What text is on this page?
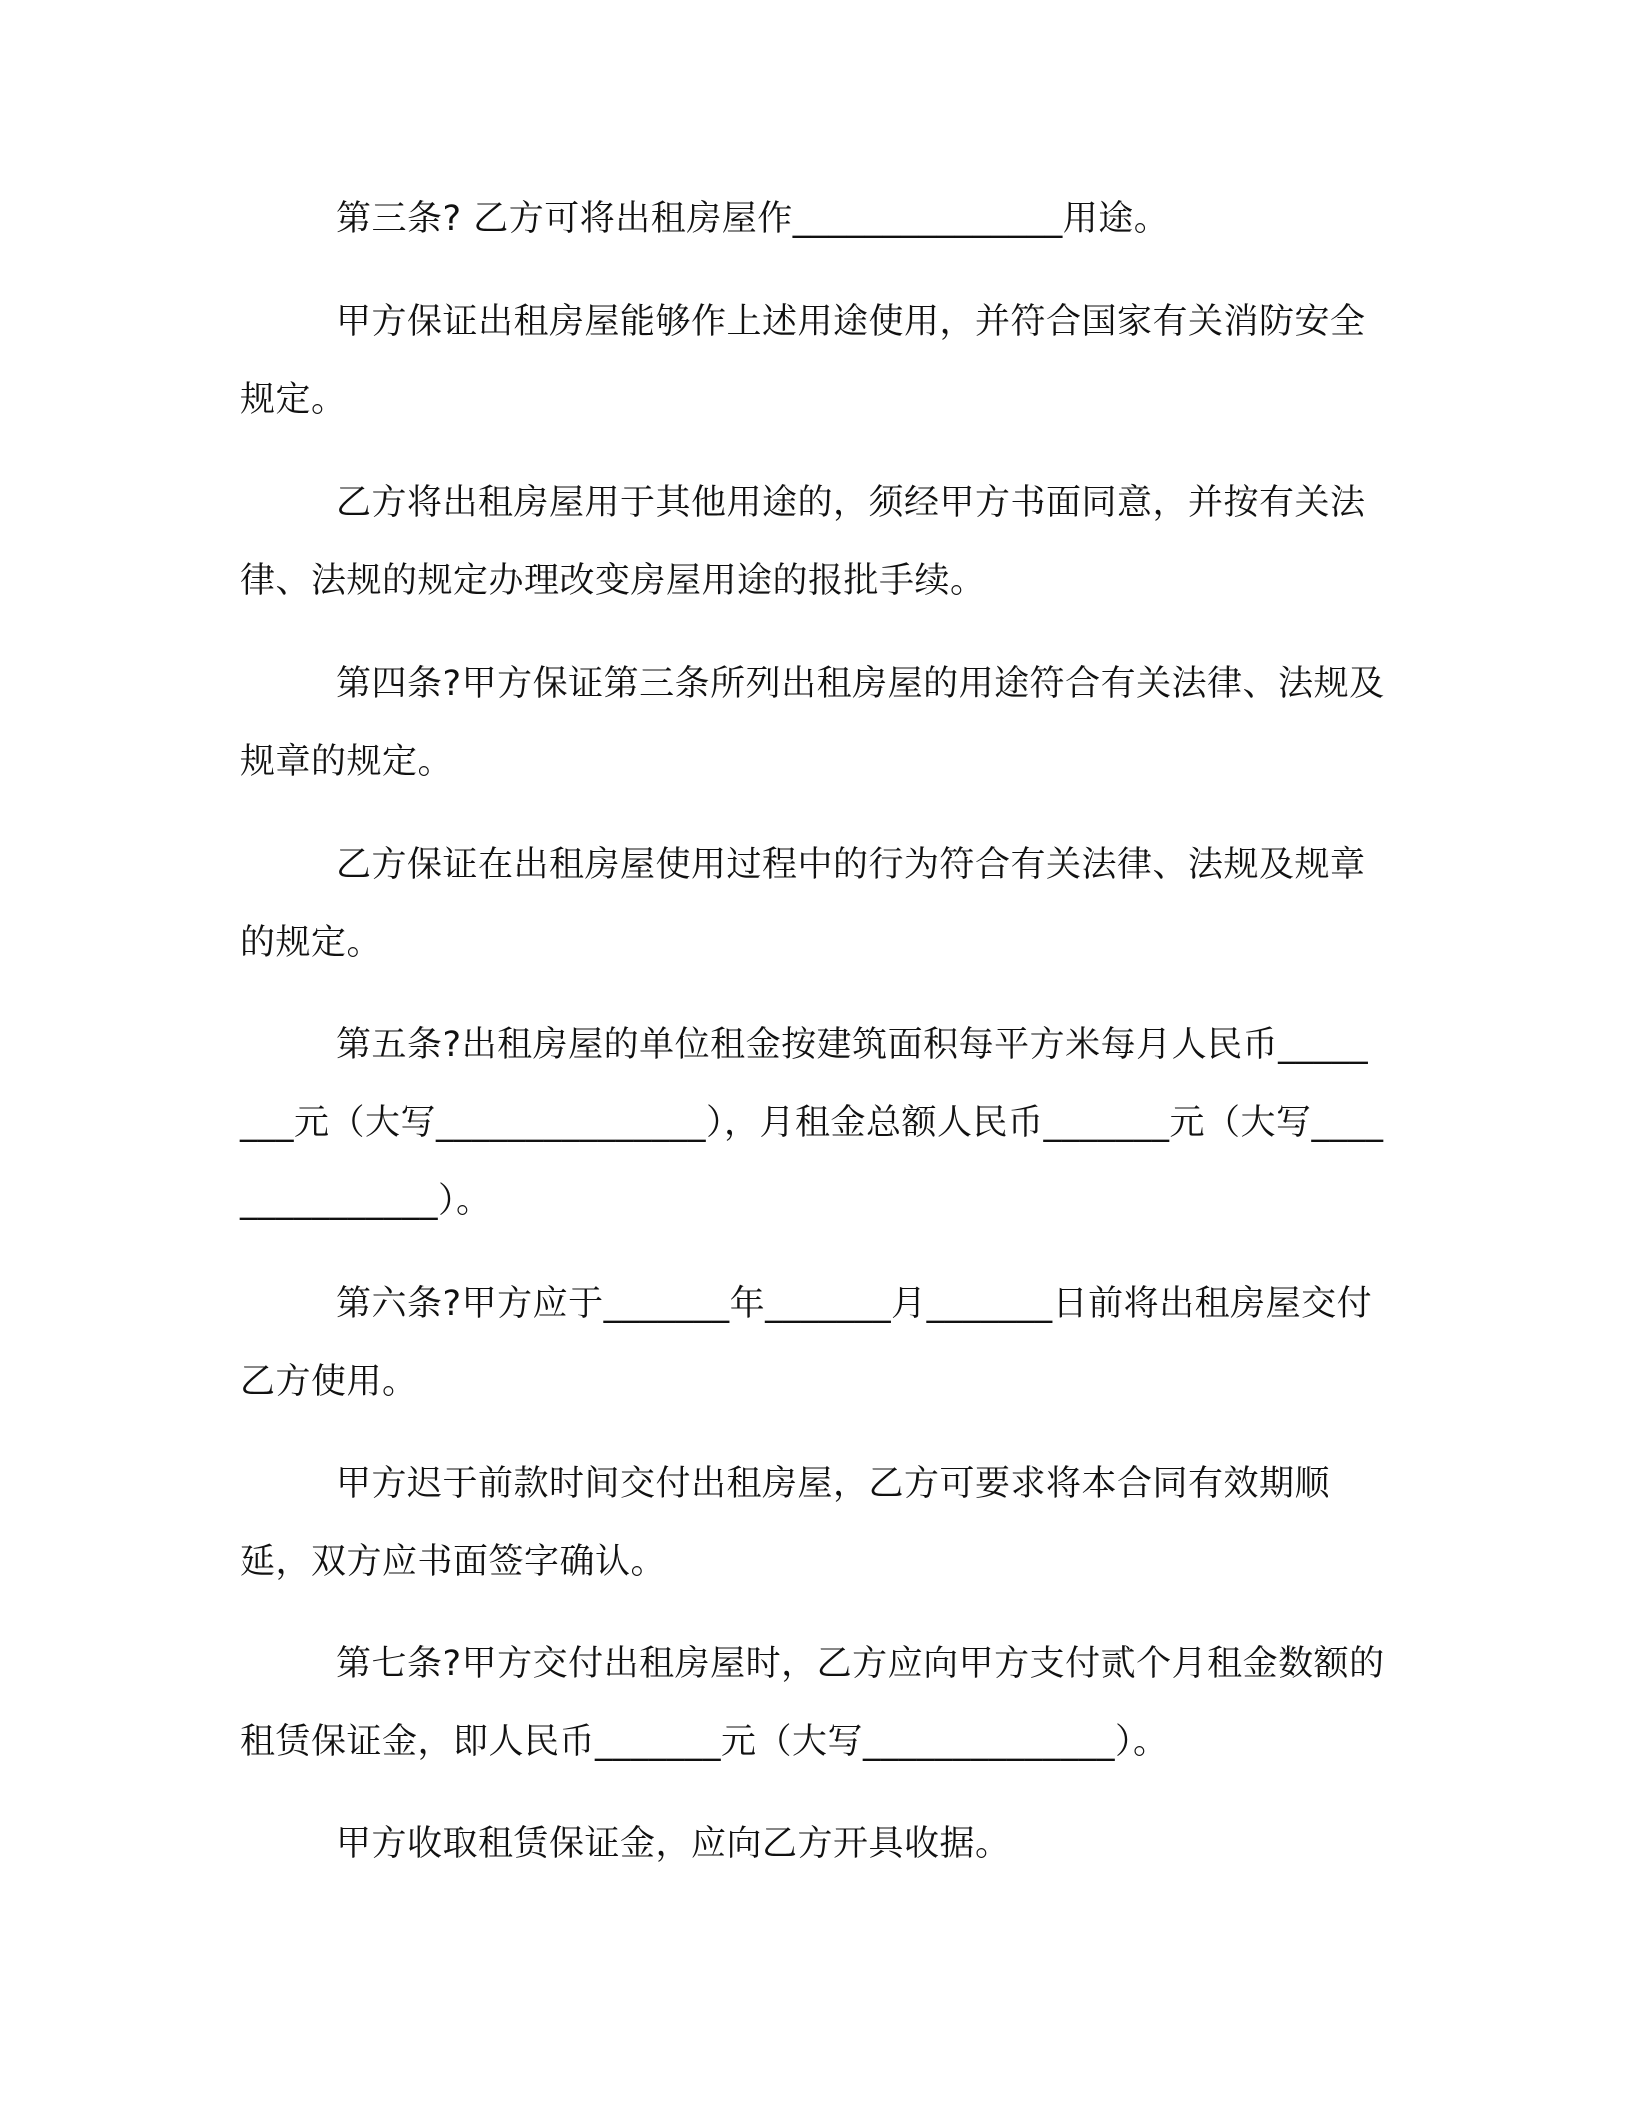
第三条? 乙方可将出租房屋作_______________用途。

甲方保证出租房屋能够作上述用途使用，并符合国家有关消防安全规定。

乙方将出租房屋用于其他用途的，须经甲方书面同意，并按有关法律、法规的规定办理改变房屋用途的报批手续。

第四条?甲方保证第三条所列出租房屋的用途符合有关法律、法规及规章的规定。

乙方保证在出租房屋使用过程中的行为符合有关法律、法规及规章的规定。

第五条?出租房屋的单位租金按建筑面积每平方米每月人民币________元（大写_______________），月租金总额人民币_______元（大写_______________）。

第六条?甲方应于_______年_______月_______日前将出租房屋交付乙方使用。

甲方迟于前款时间交付出租房屋，乙方可要求将本合同有效期顺延，双方应书面签字确认。

第七条?甲方交付出租房屋时，乙方应向甲方支付贰个月租金数额的租赁保证金，即人民币_______元（大写______________）。

甲方收取租赁保证金，应向乙方开具收据。
